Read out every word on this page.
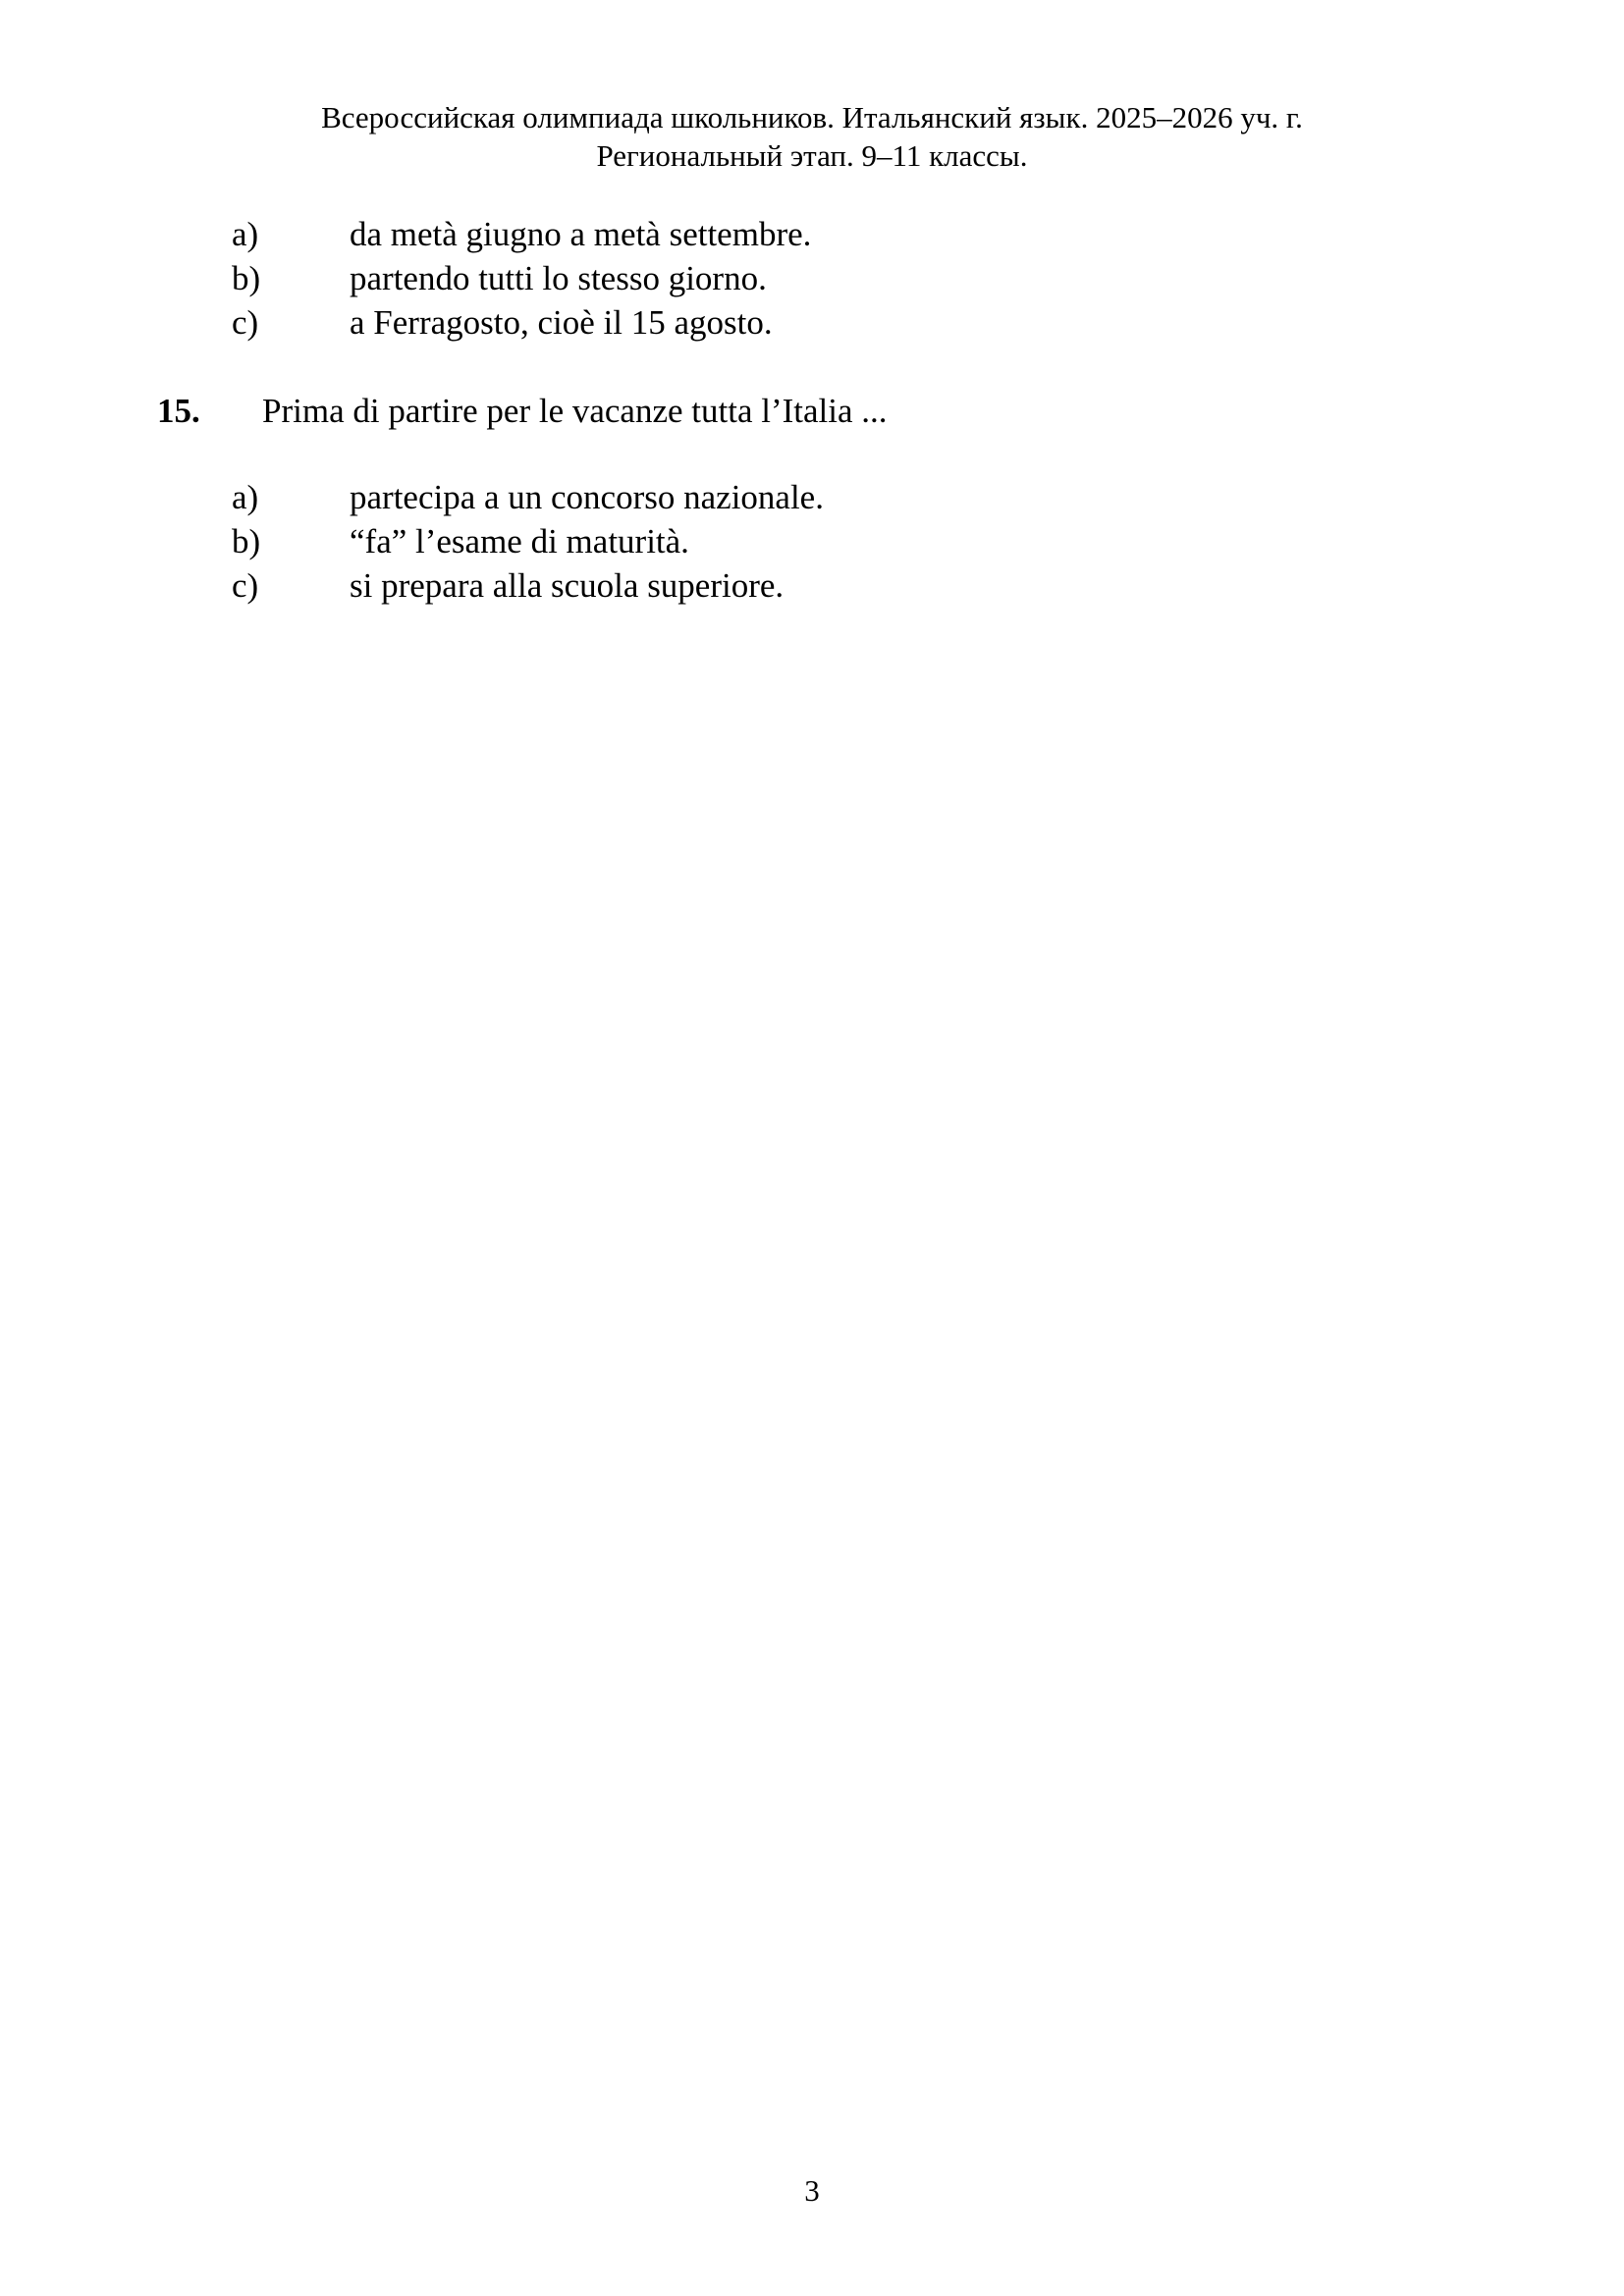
Всероссийская олимпиада школьников. Итальянский язык. 2025–2026 уч. г.
Региональный этап. 9–11 классы.
a)	da metà giugno a metà settembre.
b)	partendo tutti lo stesso giorno.
c)	a Ferragosto, cioè il 15 agosto.
15.	Prima di partire per le vacanze tutta l’Italia ...
a)	partecipa a un concorso nazionale.
b)	“fa” l’esame di maturità.
c)	si prepara alla scuola superiore.
3
